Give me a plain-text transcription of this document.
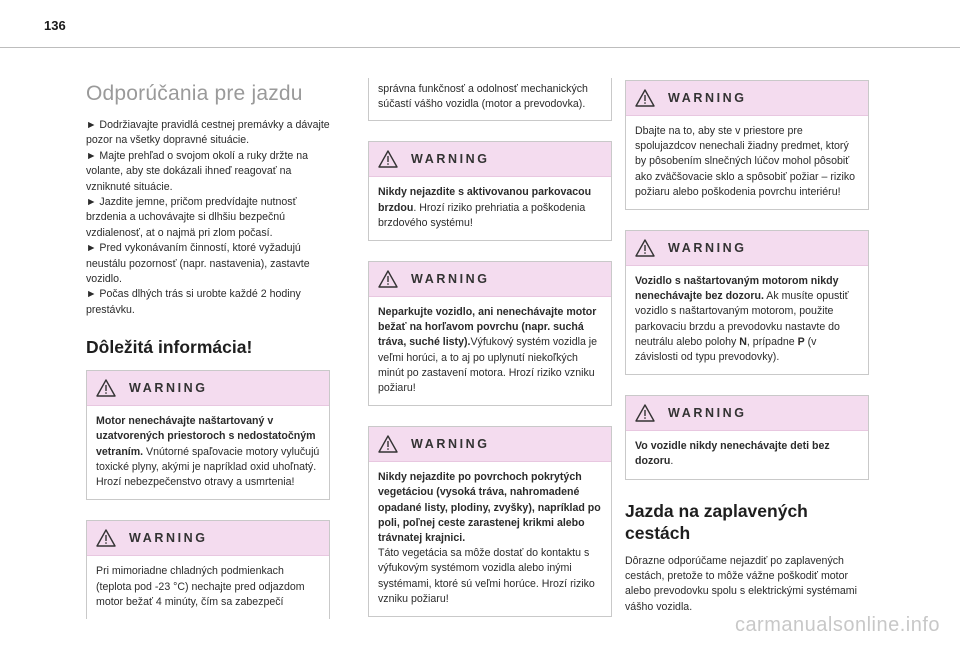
136
Odporúčania pre jazdu

► Dodržiavajte pravidlá cestnej premávky a dávajte pozor na všetky dopravné situácie.

► Majte prehľad o svojom okolí a ruky držte na volante, aby ste dokázali ihneď reagovať na vzniknuté situácie.

► Jazdite jemne, pričom predvídajte nutnosť brzdenia a uchovávajte si dlhšiu bezpečnú vzdialenosť, at o najmä pri zlom počasí.

► Pred vykonávaním činností, ktoré vyžadujú neustálu pozornosť (napr. nastavenia), zastavte vozidlo.

► Počas dlhých trás si urobte každé 2 hodiny prestávku.

Dôležitá informácia!
WARNING
Motor nenechávajte naštartovaný v uzatvorených priestoroch s nedostatočným vetraním. Vnútorné spaľovacie motory vylučujú toxické plyny, akými je napríklad oxid uhoľnatý. Hrozí nebezpečenstvo otravy a usmrtenia!
WARNING
Pri mimoriadne chladných podmienkach (teplota pod -23 °C) nechajte pred odjazdom motor bežať 4 minúty, čím sa zabezpečí
správna funkčnosť a odolnosť mechanických súčastí vášho vozidla (motor a prevodovka).
WARNING
Nikdy nejazdite s aktivovanou parkovacou brzdou. Hrozí riziko prehriatia a poškodenia brzdového systému!
WARNING
Neparkujte vozidlo, ani nenechávajte motor bežať na horľavom povrchu (napr. suchá tráva, suché listy).Výfukový systém vozidla je veľmi horúci, a to aj po uplynutí niekoľkých minút po zastavení motora. Hrozí riziko vzniku požiaru!
WARNING
Nikdy nejazdite po povrchoch pokrytých vegetáciou (vysoká tráva, nahromadené opadané listy, plodiny, zvyšky), napríklad po poli, poľnej ceste zarastenej krikmi alebo trávnatej krajnici.
Táto vegetácia sa môže dostať do kontaktu s výfukovým systémom vozidla alebo inými systémami, ktoré sú veľmi horúce. Hrozí riziko vzniku požiaru!
WARNING
Dbajte na to, aby ste v priestore pre spolujazdcov nenechali žiadny predmet, ktorý by pôsobením slnečných lúčov mohol pôsobiť ako zväčšovacie sklo a spôsobiť požiar – riziko požiaru alebo poškodenia povrchu interiéru!
WARNING
Vozidlo s naštartovaným motorom nikdy nenechávajte bez dozoru. Ak musíte opustiť vozidlo s naštartovaným motorom, použite parkovaciu brzdu a prevodovku nastavte do neutrálu alebo polohy N, prípadne P (v závislosti od typu prevodovky).
WARNING
Vo vozidle nikdy nenechávajte deti bez dozoru.
Jazda na zaplavených cestách
Dôrazne odporúčame nejazdiť po zaplavených cestách, pretože to môže vážne poškodiť motor alebo prevodovku spolu s elektrickými systémami vášho vozidla.
carmanualsonline.info
